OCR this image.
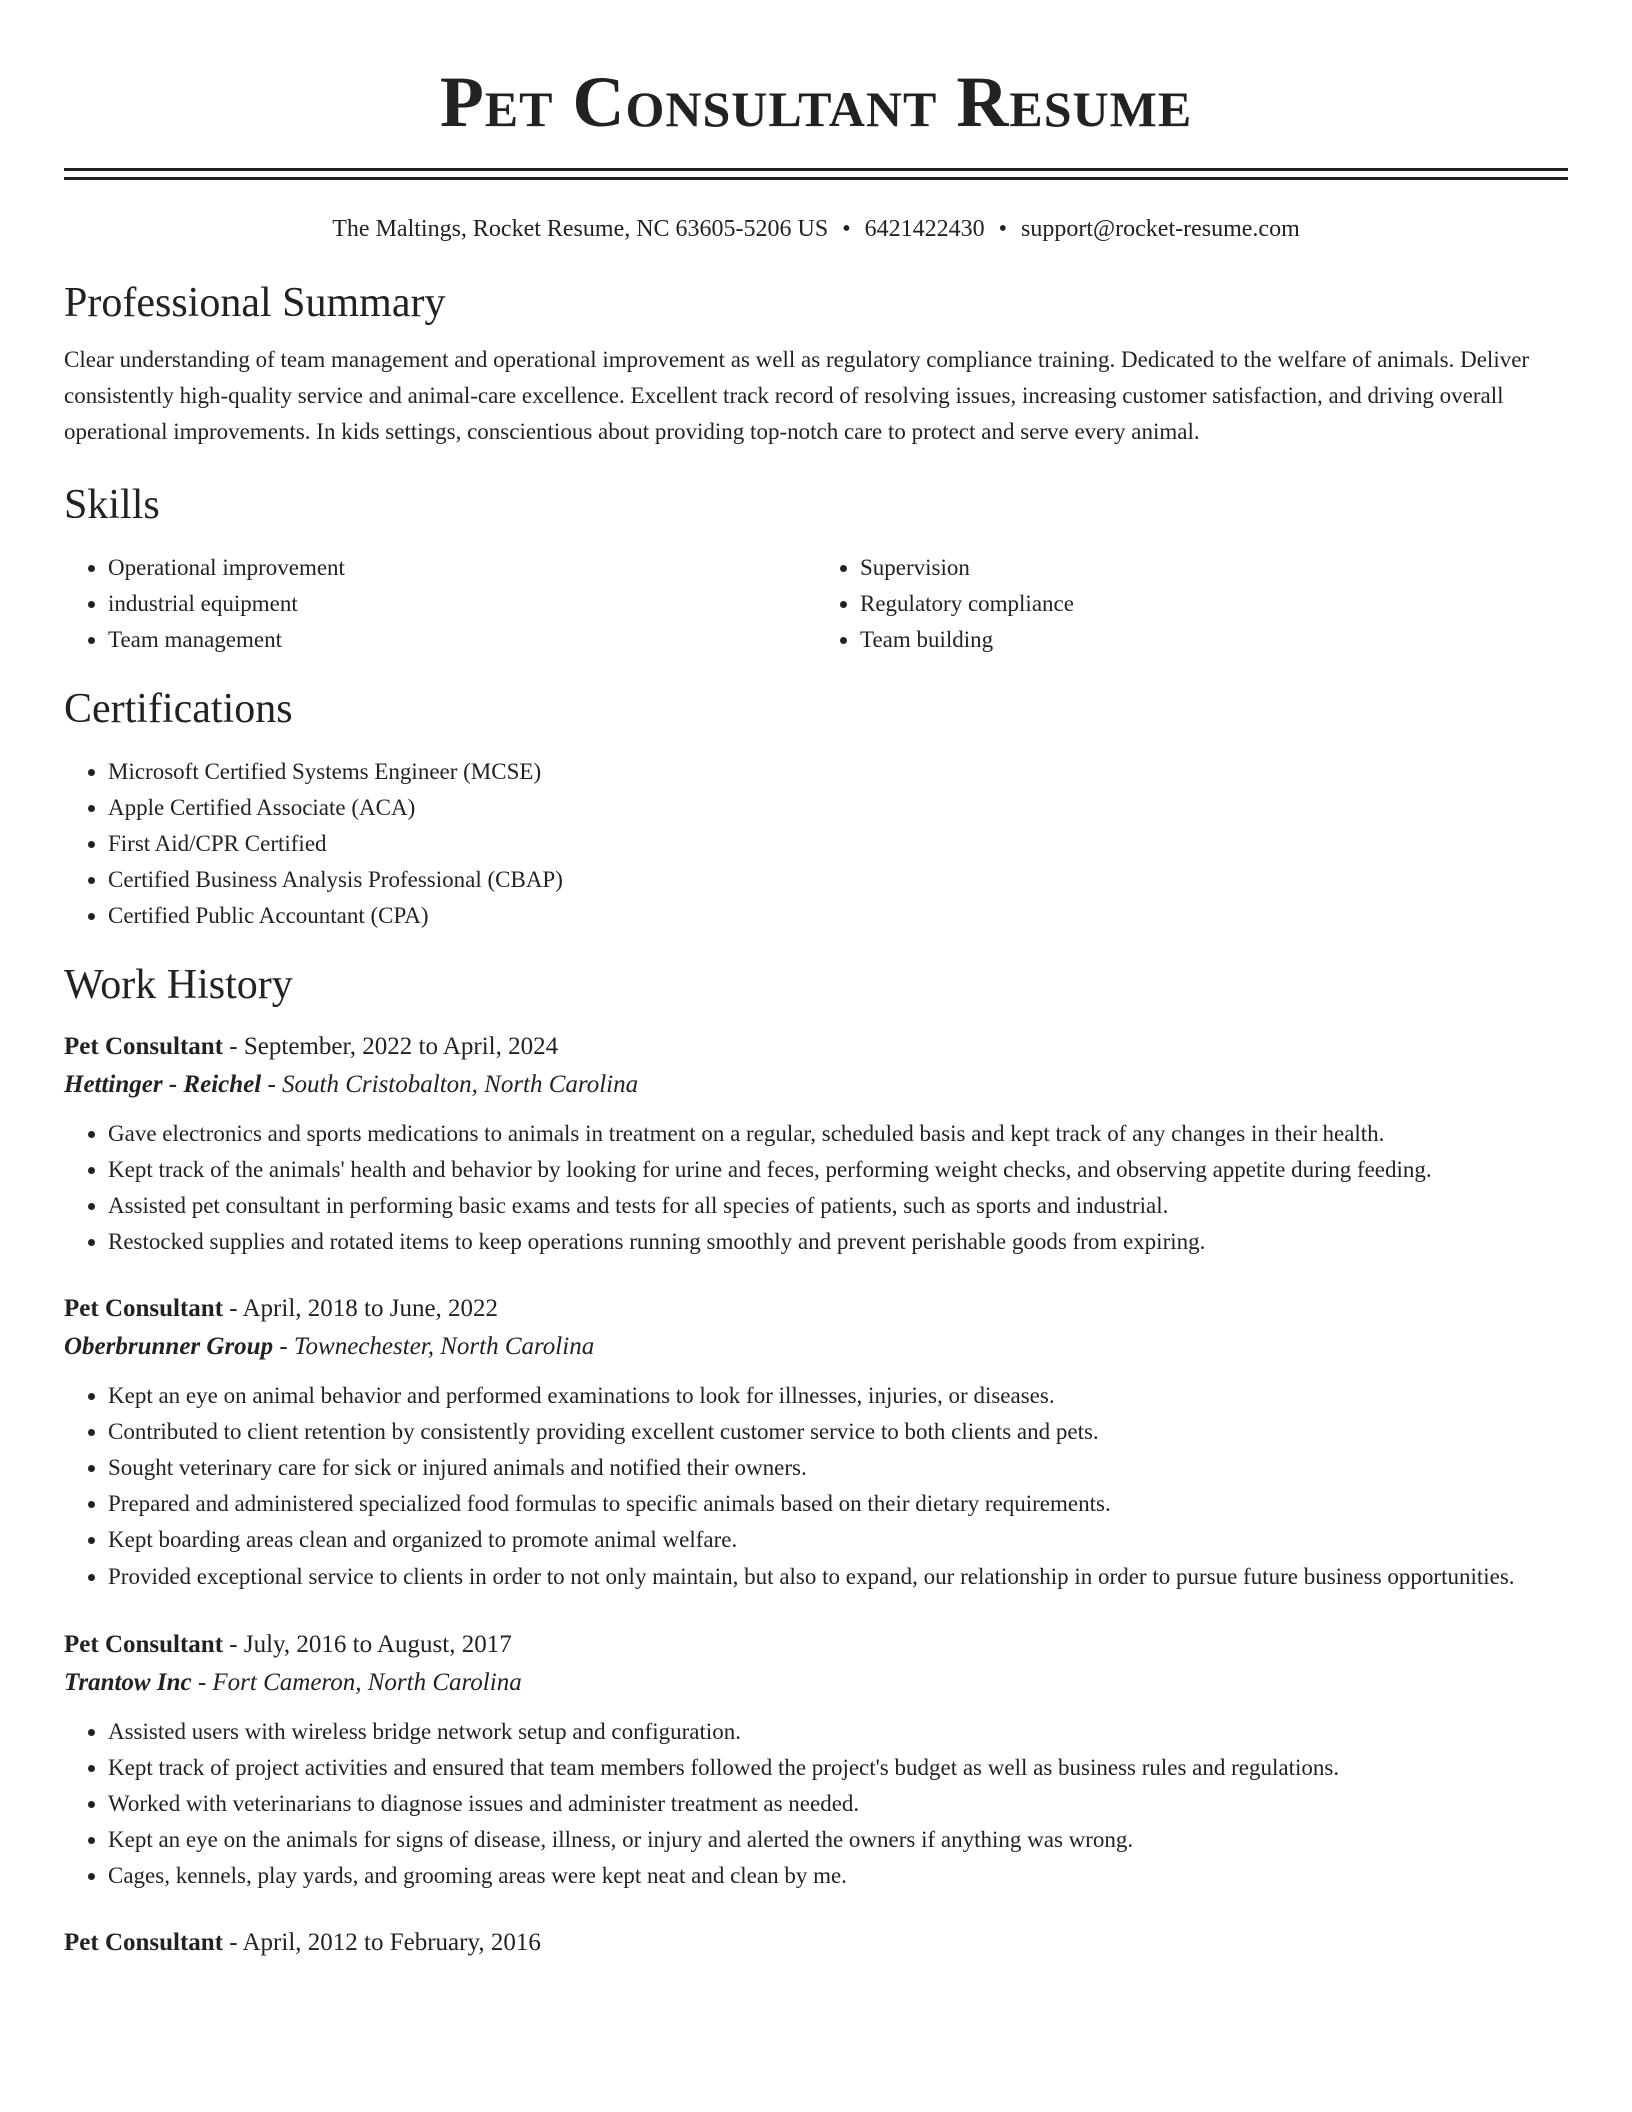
Pet Consultant Resume
The Maltings, Rocket Resume, NC 63605-5206 US • 6421422430 • support@rocket-resume.com
Professional Summary
Clear understanding of team management and operational improvement as well as regulatory compliance training. Dedicated to the welfare of animals. Deliver consistently high-quality service and animal-care excellence. Excellent track record of resolving issues, increasing customer satisfaction, and driving overall operational improvements. In kids settings, conscientious about providing top-notch care to protect and serve every animal.
Skills
• Operational improvement
• industrial equipment
• Team management
• Supervision
• Regulatory compliance
• Team building
Certifications
• Microsoft Certified Systems Engineer (MCSE)
• Apple Certified Associate (ACA)
• First Aid/CPR Certified
• Certified Business Analysis Professional (CBAP)
• Certified Public Accountant (CPA)
Work History
Pet Consultant - September, 2022 to April, 2024
Hettinger - Reichel - South Cristobalton, North Carolina
• Gave electronics and sports medications to animals in treatment on a regular, scheduled basis and kept track of any changes in their health.
• Kept track of the animals' health and behavior by looking for urine and feces, performing weight checks, and observing appetite during feeding.
• Assisted pet consultant in performing basic exams and tests for all species of patients, such as sports and industrial.
• Restocked supplies and rotated items to keep operations running smoothly and prevent perishable goods from expiring.
Pet Consultant - April, 2018 to June, 2022
Oberbrunner Group - Townechester, North Carolina
• Kept an eye on animal behavior and performed examinations to look for illnesses, injuries, or diseases.
• Contributed to client retention by consistently providing excellent customer service to both clients and pets.
• Sought veterinary care for sick or injured animals and notified their owners.
• Prepared and administered specialized food formulas to specific animals based on their dietary requirements.
• Kept boarding areas clean and organized to promote animal welfare.
• Provided exceptional service to clients in order to not only maintain, but also to expand, our relationship in order to pursue future business opportunities.
Pet Consultant - July, 2016 to August, 2017
Trantow Inc - Fort Cameron, North Carolina
• Assisted users with wireless bridge network setup and configuration.
• Kept track of project activities and ensured that team members followed the project's budget as well as business rules and regulations.
• Worked with veterinarians to diagnose issues and administer treatment as needed.
• Kept an eye on the animals for signs of disease, illness, or injury and alerted the owners if anything was wrong.
• Cages, kennels, play yards, and grooming areas were kept neat and clean by me.
Pet Consultant - April, 2012 to February, 2016
